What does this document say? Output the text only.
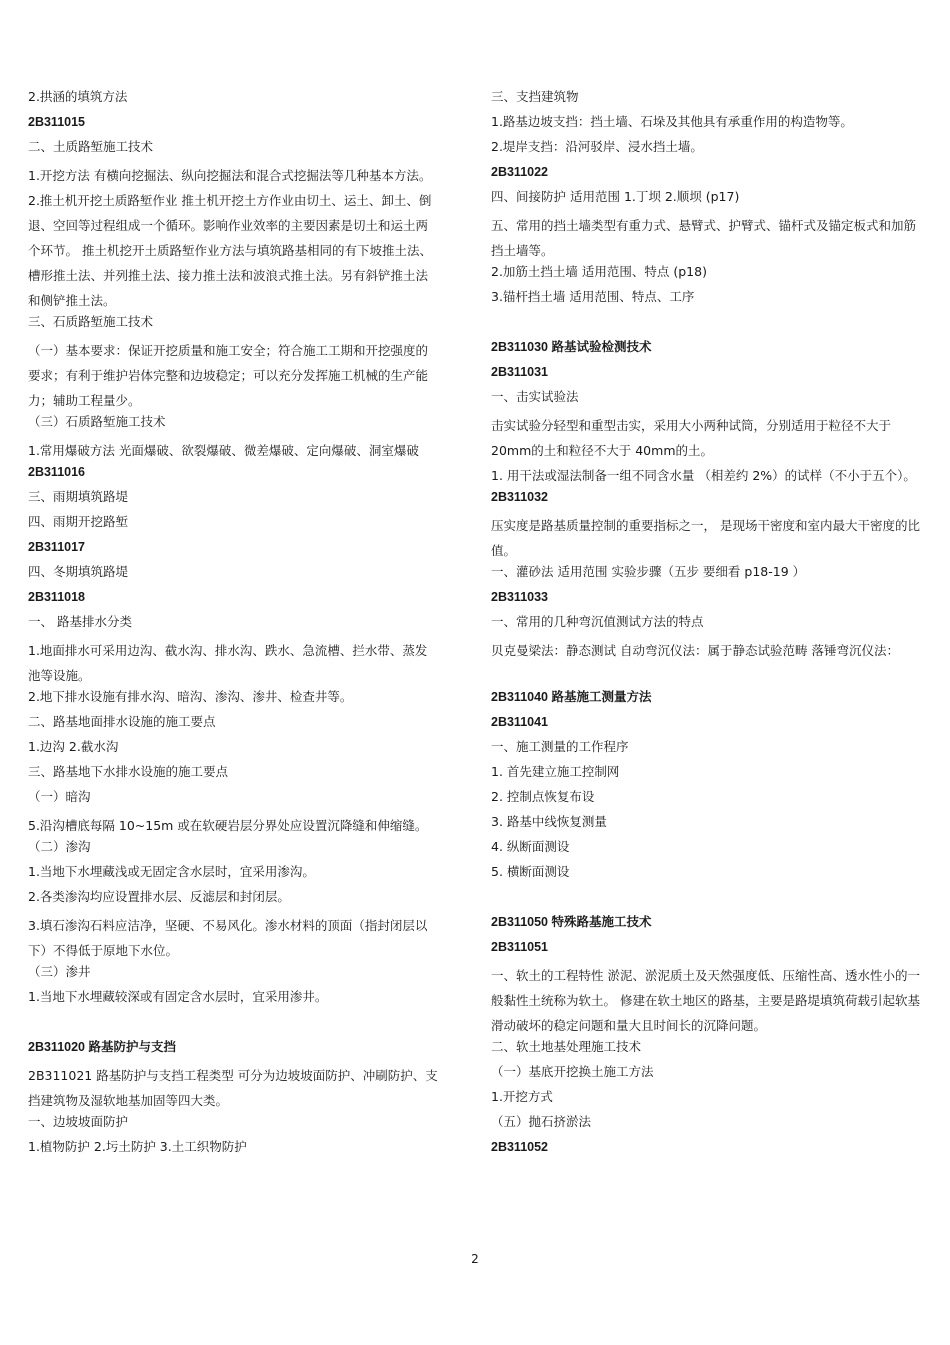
2.拱涵的填筑方法
2B311015
二、土质路堑施工技术
1.开挖方法 有横向挖掘法、纵向挖掘法和混合式挖掘法等几种基本方法。
2.推土机开挖土质路堑作业 推土机开挖土方作业由切土、运土、卸土、倒退、空回等过程组成一个循环。影响作业效率的主要因素是切土和运土两个环节。 推土机挖开土质路堑作业方法与填筑路基相同的有下坡推土法、槽形推土法、并列推土法、接力推土法和波浪式推土法。另有斜铲推土法和侧铲推土法。
三、石质路堑施工技术
（一）基本要求：保证开挖质量和施工安全；符合施工工期和开挖强度的要求；有利于维护岩体完整和边坡稳定；可以充分发挥施工机械的生产能力；辅助工程量少。
（三）石质路堑施工技术
1.常用爆破方法 光面爆破、欲裂爆破、微差爆破、定向爆破、洞室爆破
2B311016
三、雨期填筑路堤
四、雨期开挖路堑
2B311017
四、冬期填筑路堤
2B311018
一、 路基排水分类
1.地面排水可采用边沟、截水沟、排水沟、跌水、急流槽、拦水带、蒸发池等设施。
2.地下排水设施有排水沟、暗沟、渗沟、渗井、检查井等。
二、路基地面排水设施的施工要点
1.边沟 2.截水沟
三、路基地下水排水设施的施工要点
（一）暗沟
5.沿沟槽底每隔 10~15m 或在软硬岩层分界处应设置沉降缝和伸缩缝。
（二）渗沟
1.当地下水埋藏浅或无固定含水层时，宜采用渗沟。
2.各类渗沟均应设置排水层、反滤层和封闭层。
3.填石渗沟石料应洁净，坚硬、不易风化。渗水材料的顶面（指封闭层以下）不得低于原地下水位。
（三）渗井
1.当地下水埋藏较深或有固定含水层时，宜采用渗井。
2B311020 路基防护与支挡
2B311021 路基防护与支挡工程类型 可分为边坡坡面防护、冲刷防护、支挡建筑物及湿软地基加固等四大类。
一、边坡坡面防护
1.植物防护 2.圬土防护 3.土工织物防护
三、支挡建筑物
1.路基边坡支挡：挡土墙、石垛及其他具有承重作用的构造物等。
2.堤岸支挡：沿河驳岸、浸水挡土墙。
2B311022
四、间接防护 适用范围 1.丁坝 2.顺坝 (p17)
五、常用的挡土墙类型有重力式、悬臂式、护臂式、锚杆式及锚定板式和加筋挡土墙等。
2.加筋土挡土墙 适用范围、特点 (p18)
3.锚杆挡土墙 适用范围、特点、工序
2B311030 路基试验检测技术
2B311031
一、击实试验法
击实试验分轻型和重型击实，采用大小两种试筒，分别适用于粒径不大于 20mm的土和粒径不大于 40mm的土。
1. 用干法或湿法制备一组不同含水量 （相差约 2%）的试样（不小于五个）。
2B311032
压实度是路基质量控制的重要指标之一， 是现场干密度和室内最大干密度的比值。
一、灌砂法 适用范围 实验步骤（五步 要细看 p18-19 ）
2B311033
一、常用的几种弯沉值测试方法的特点
贝克曼梁法：静态测试 自动弯沉仪法：属于静态试验范畴 落锤弯沉仪法：
2B311040 路基施工测量方法
2B311041
一、施工测量的工作程序
1. 首先建立施工控制网
2. 控制点恢复布设
3. 路基中线恢复测量
4. 纵断面测设
5. 横断面测设
2B311050 特殊路基施工技术
2B311051
一、软土的工程特性 淤泥、淤泥质土及天然强度低、压缩性高、透水性小的一般黏性土统称为软土。 修建在软土地区的路基，主要是路堤填筑荷载引起软基滑动破坏的稳定问题和量大且时间长的沉降问题。
二、软土地基处理施工技术
（一）基底开挖换土施工方法
1.开挖方式
（五）抛石挤淤法
2B311052
2
